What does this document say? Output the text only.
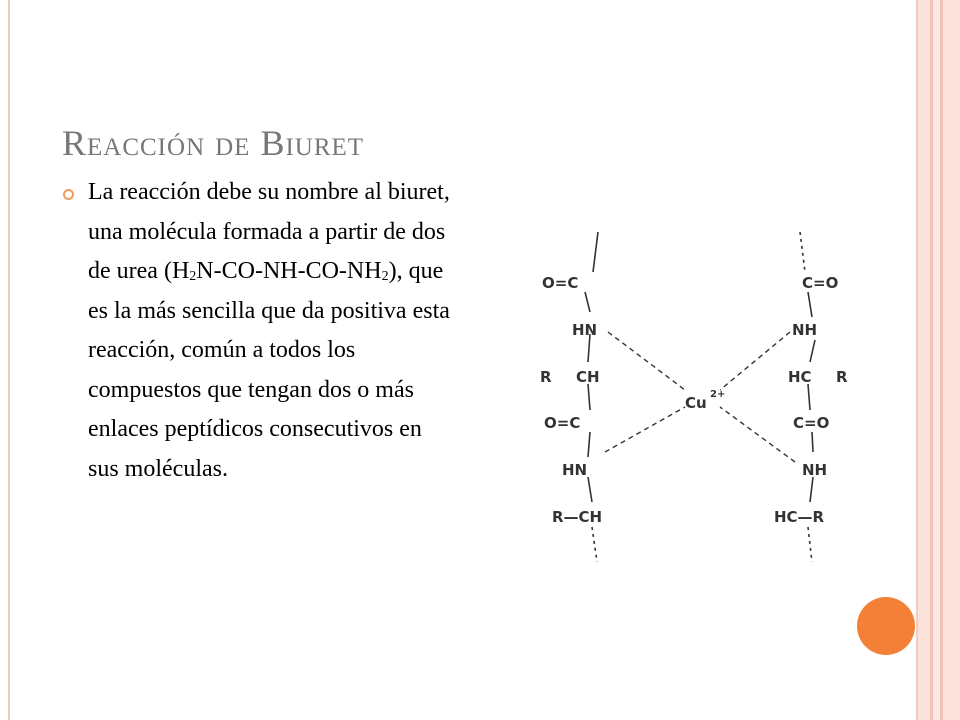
Reacción de Biuret
La reacción debe su nombre al biuret, una molécula formada a partir de dos de urea $(H_2N-CO-NH-CO-NH_2)$, que es la más sencilla que da positiva esta reacción, común a todos los compuestos que tengan dos o más enlaces peptídicos consecutivos en sus moléculas.
O=C
HN
R CH
O=C
HN
R—CH
C=O
NH
HC R
C=O
NH
HC—R
Cu 2+
